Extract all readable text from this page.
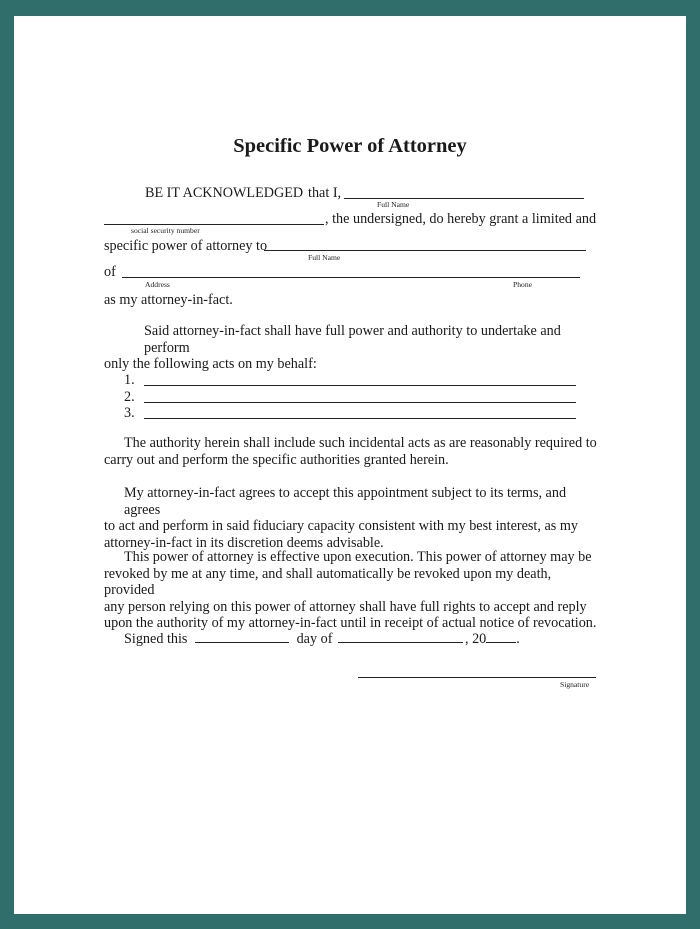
Specific Power of Attorney
BE IT ACKNOWLEDGED that I,
Full Name
, the undersigned, do hereby grant a limited and
social security number
specific power of attorney to
Full Name
of
Address	Phone
as my attorney-in-fact.
Said attorney-in-fact shall have full power and authority to undertake and perform
only the following acts on my behalf:
1.
2.
3.
The authority herein shall include such incidental acts as are reasonably required to
carry out and perform the specific authorities granted herein.
My attorney-in-fact agrees to accept this appointment subject to its terms, and agrees
to act and perform in said fiduciary capacity consistent with my best interest, as my
attorney-in-fact in its discretion deems advisable.
This power of attorney is effective upon execution. This power of attorney may be
revoked by me at any time, and shall automatically be revoked upon my death, provided
any person relying on this power of attorney shall have full rights to accept and reply
upon the authority of my attorney-in-fact until in receipt of actual notice of revocation.
Signed this	day of	, 20 .
Signature
